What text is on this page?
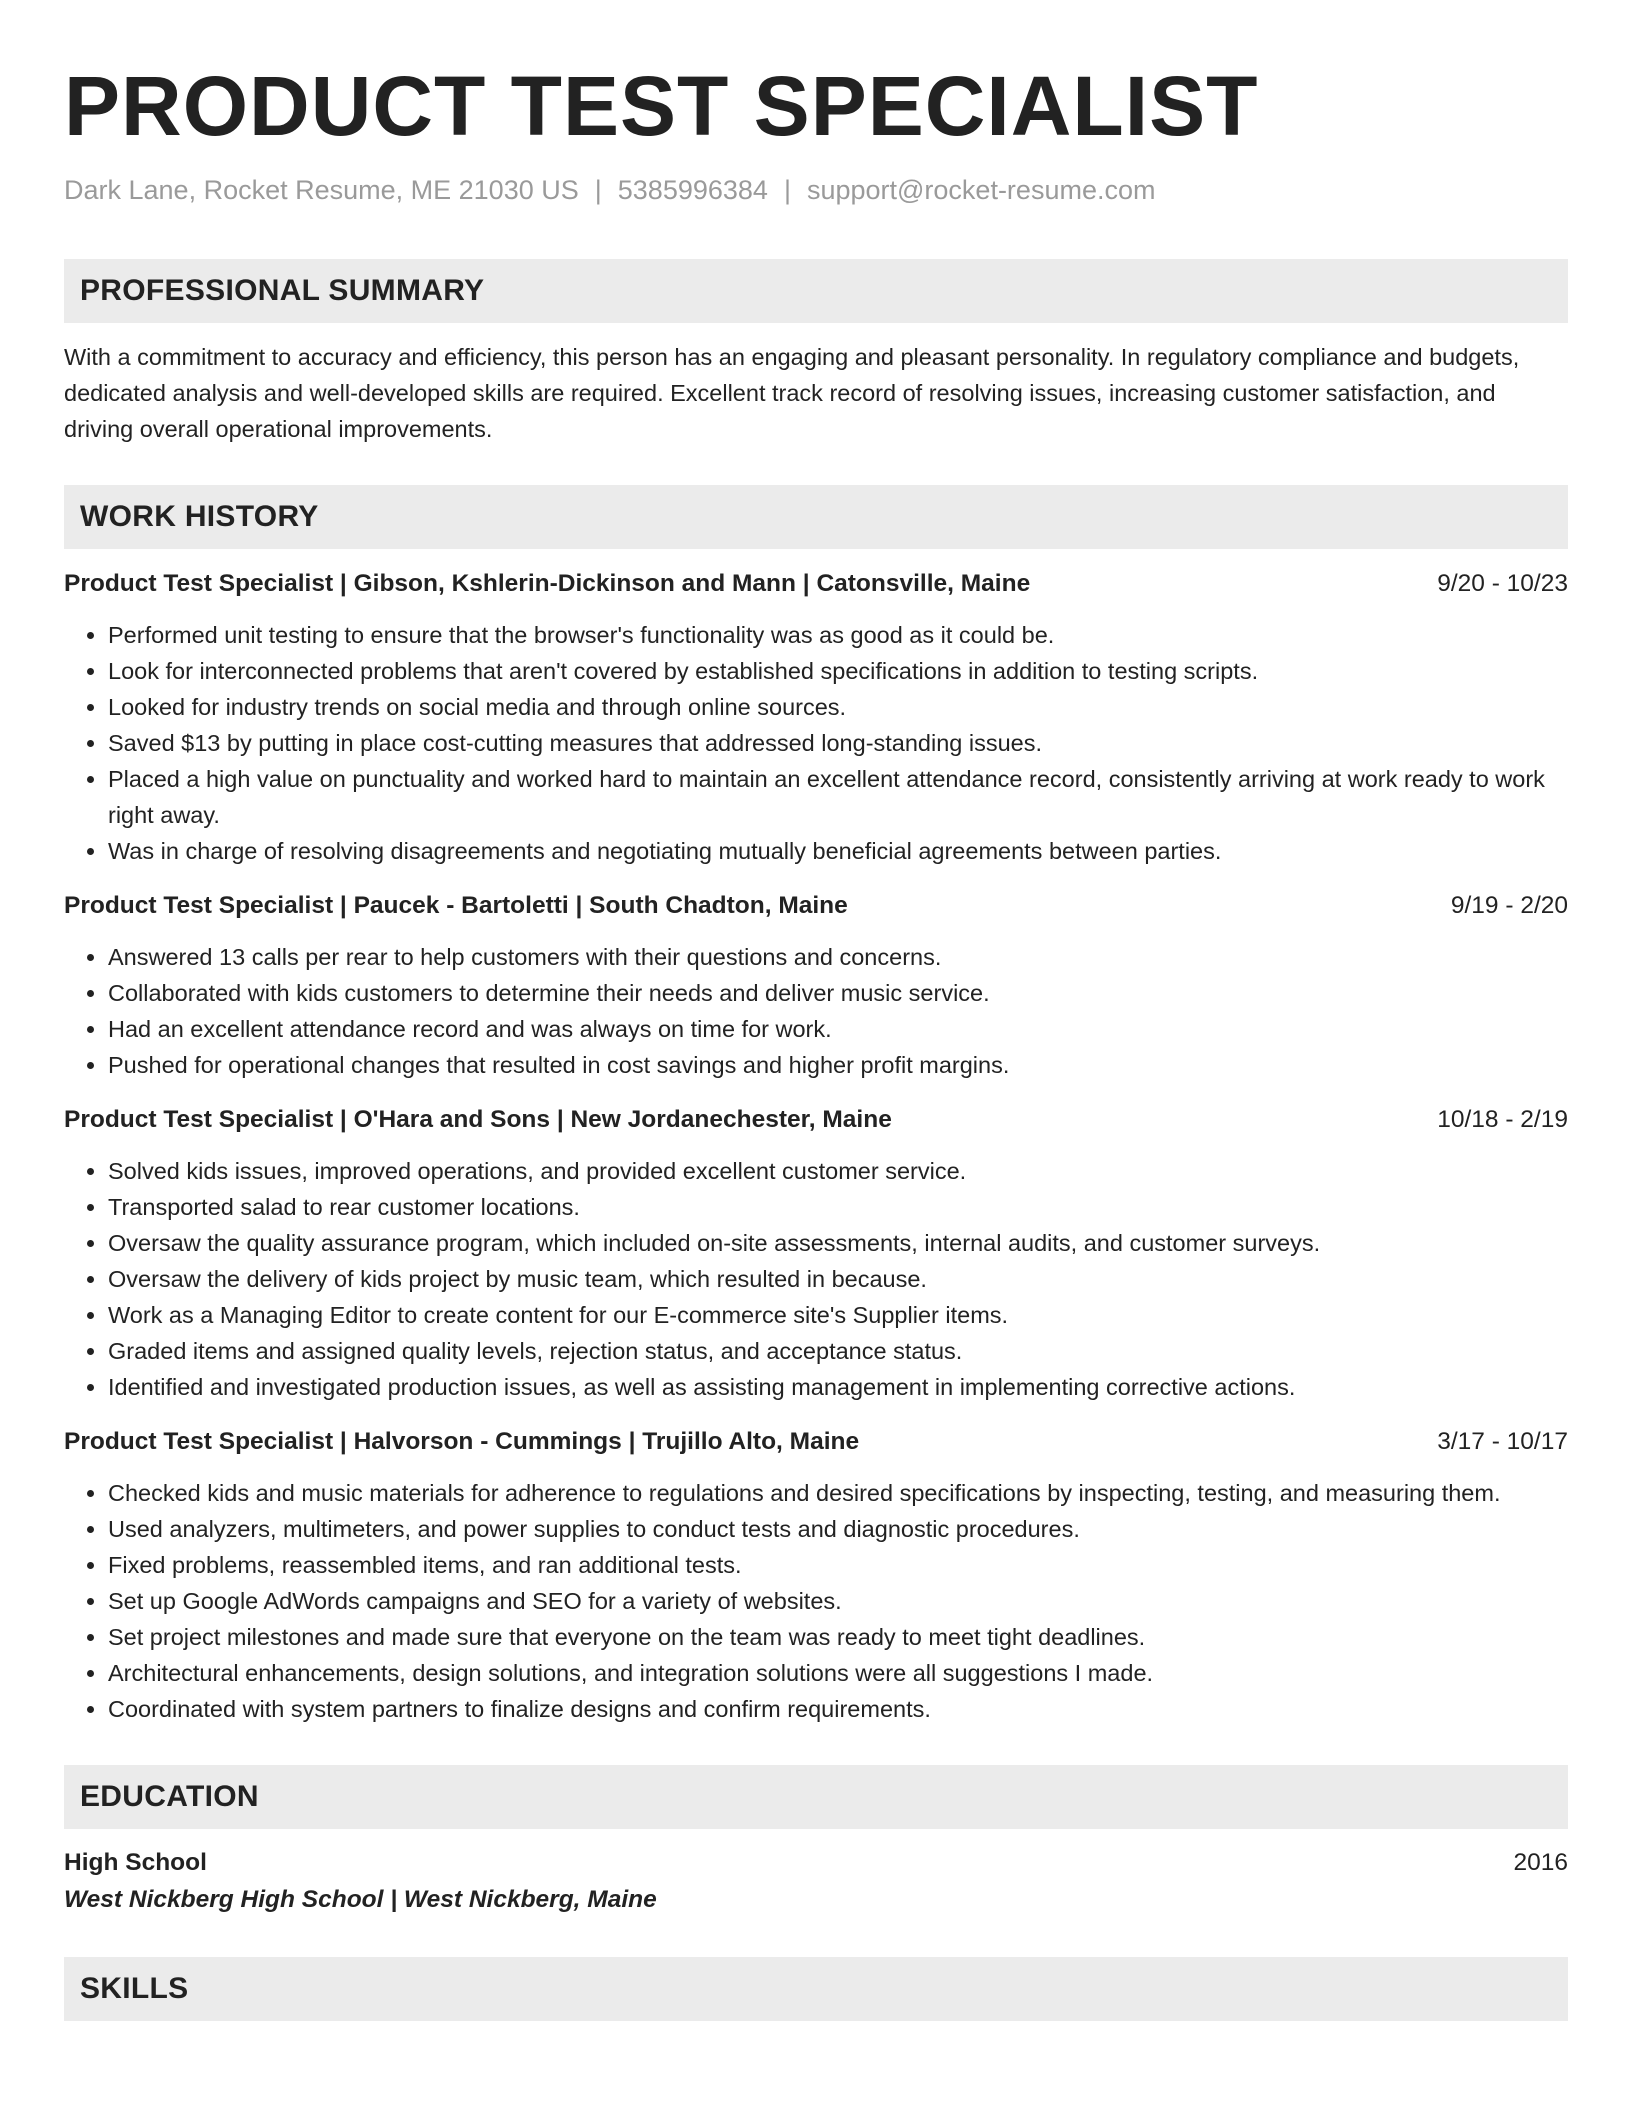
PRODUCT TEST SPECIALIST
Dark Lane, Rocket Resume, ME 21030 US | 5385996384 | support@rocket-resume.com
PROFESSIONAL SUMMARY
With a commitment to accuracy and efficiency, this person has an engaging and pleasant personality. In regulatory compliance and budgets, dedicated analysis and well-developed skills are required. Excellent track record of resolving issues, increasing customer satisfaction, and driving overall operational improvements.
WORK HISTORY
Product Test Specialist | Gibson, Kshlerin-Dickinson and Mann | Catonsville, Maine	9/20 - 10/23
• Performed unit testing to ensure that the browser's functionality was as good as it could be.
• Look for interconnected problems that aren't covered by established specifications in addition to testing scripts.
• Looked for industry trends on social media and through online sources.
• Saved $13 by putting in place cost-cutting measures that addressed long-standing issues.
• Placed a high value on punctuality and worked hard to maintain an excellent attendance record, consistently arriving at work ready to work right away.
• Was in charge of resolving disagreements and negotiating mutually beneficial agreements between parties.
Product Test Specialist | Paucek - Bartoletti | South Chadton, Maine	9/19 - 2/20
• Answered 13 calls per rear to help customers with their questions and concerns.
• Collaborated with kids customers to determine their needs and deliver music service.
• Had an excellent attendance record and was always on time for work.
• Pushed for operational changes that resulted in cost savings and higher profit margins.
Product Test Specialist | O'Hara and Sons | New Jordanechester, Maine	10/18 - 2/19
• Solved kids issues, improved operations, and provided excellent customer service.
• Transported salad to rear customer locations.
• Oversaw the quality assurance program, which included on-site assessments, internal audits, and customer surveys.
• Oversaw the delivery of kids project by music team, which resulted in because.
• Work as a Managing Editor to create content for our E-commerce site's Supplier items.
• Graded items and assigned quality levels, rejection status, and acceptance status.
• Identified and investigated production issues, as well as assisting management in implementing corrective actions.
Product Test Specialist | Halvorson - Cummings | Trujillo Alto, Maine	3/17 - 10/17
• Checked kids and music materials for adherence to regulations and desired specifications by inspecting, testing, and measuring them.
• Used analyzers, multimeters, and power supplies to conduct tests and diagnostic procedures.
• Fixed problems, reassembled items, and ran additional tests.
• Set up Google AdWords campaigns and SEO for a variety of websites.
• Set project milestones and made sure that everyone on the team was ready to meet tight deadlines.
• Architectural enhancements, design solutions, and integration solutions were all suggestions I made.
• Coordinated with system partners to finalize designs and confirm requirements.
EDUCATION
High School	2016
West Nickberg High School | West Nickberg, Maine
SKILLS
